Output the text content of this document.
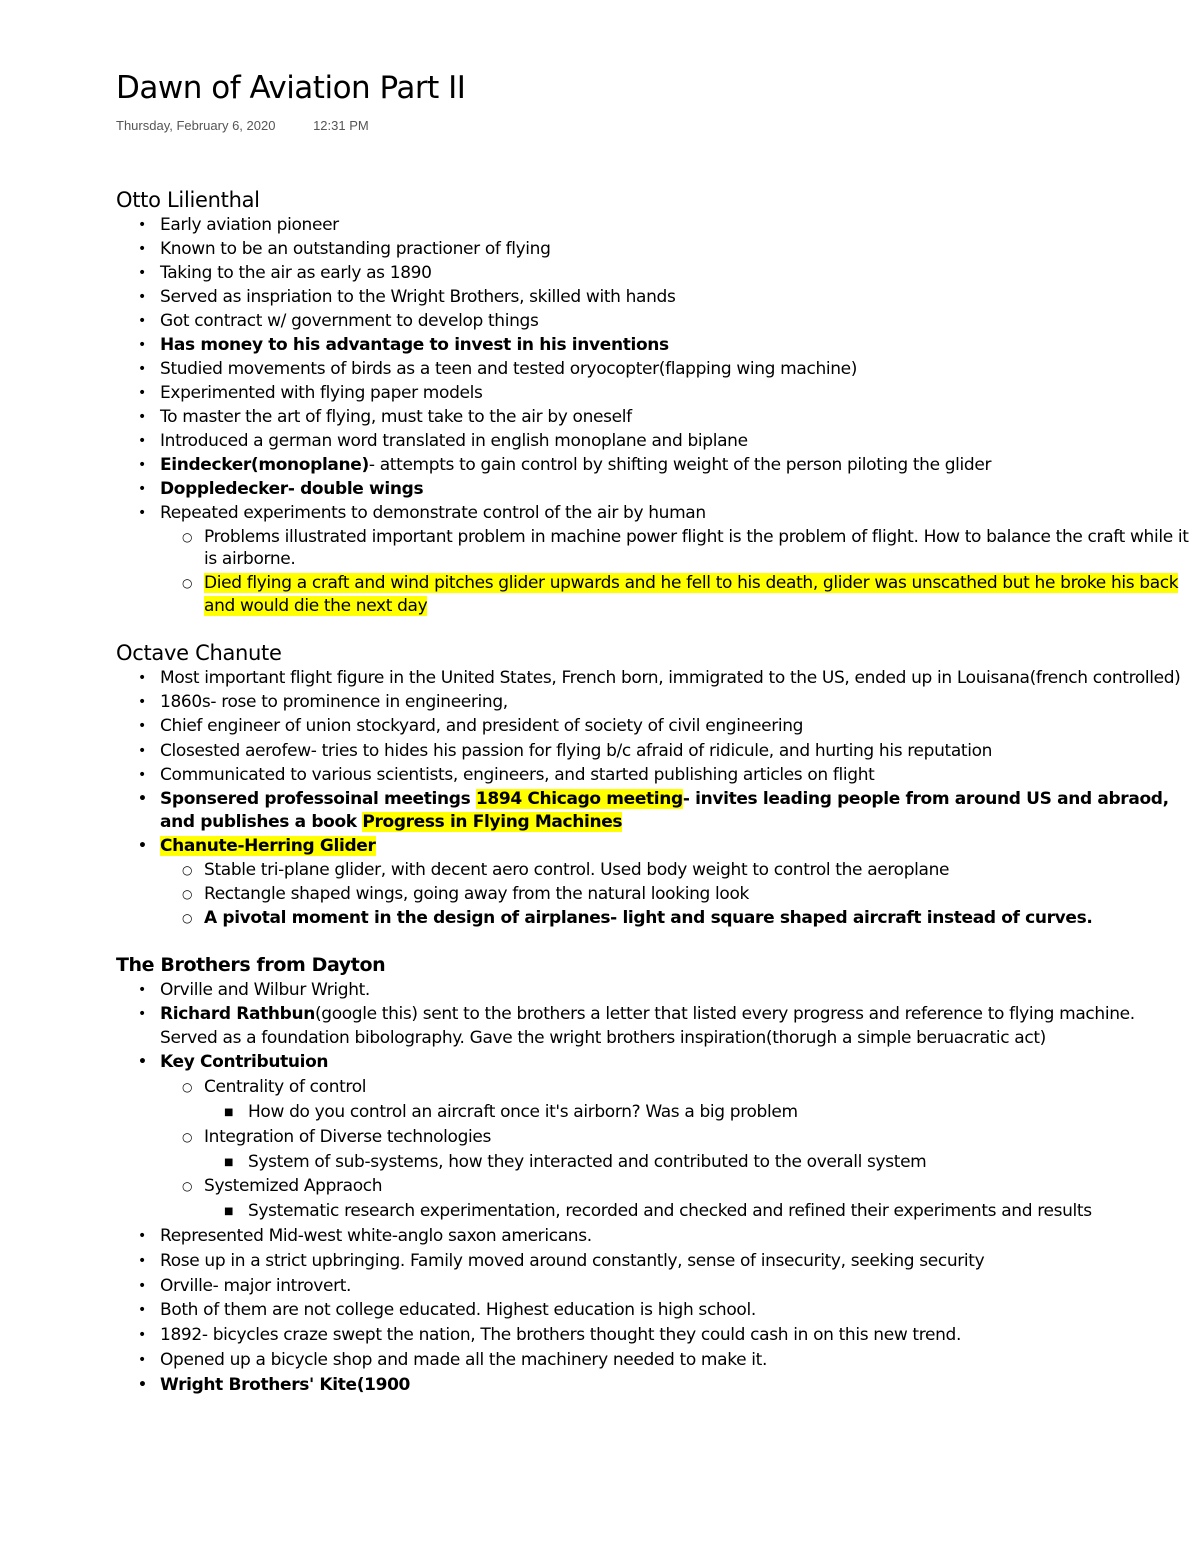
Dawn of Aviation Part II
Thursday, February 6, 2020	12:31 PM
Otto Lilienthal
• Early aviation pioneer
• Known to be an outstanding practioner of flying
• Taking to the air as early as 1890
• Served as inspriation to the Wright Brothers, skilled with hands
• Got contract w/ government to develop things
• Has money to his advantage to invest in his inventions
• Studied movements of birds as a teen and tested oryocopter(flapping wing machine)
• Experimented with flying paper models
• To master the art of flying, must take to the air by oneself
• Introduced a german word translated in english monoplane and biplane
• Eindecker(monoplane)- attempts to gain control by shifting weight of the person piloting the glider
• Doppledecker- double wings
• Repeated experiments to demonstrate control of the air by human
○ Problems illustrated important problem in machine power flight is the problem of flight. How to balance the craft while it is airborne.
○ Died flying a craft and wind pitches glider upwards and he fell to his death, glider was unscathed but he broke his back and would die the next day
Octave Chanute
• Most important flight figure in the United States, French born, immigrated to the US, ended up in Louisana(french controlled)
• 1860s- rose to prominence in engineering,
• Chief engineer of union stockyard, and president of society of civil engineering
• Closested aerofew- tries to hides his passion for flying b/c afraid of ridicule, and hurting his reputation
• Communicated to various scientists, engineers, and started publishing articles on flight
• Sponsered professoinal meetings 1894 Chicago meeting- invites leading people from around US and abraod, and publishes a book Progress in Flying Machines
• Chanute-Herring Glider
○ Stable tri-plane glider, with decent aero control. Used body weight to control the aeroplane
○ Rectangle shaped wings, going away from the natural looking look
○ A pivotal moment in the design of airplanes- light and square shaped aircraft instead of curves.
The Brothers from Dayton
• Orville and Wilbur Wright.
• Richard Rathbun(google this) sent to the brothers a letter that listed every progress and reference to flying machine. Served as a foundation bibolography. Gave the wright brothers inspiration(thorugh a simple beruacratic act)
• Key Contributuion
○ Centrality of control
■ How do you control an aircraft once it's airborn? Was a big problem
○ Integration of Diverse technologies
■ System of sub-systems, how they interacted and contributed to the overall system
○ Systemized Appraoch
■ Systematic research experimentation, recorded and checked and refined their experiments and results
• Represented Mid-west white-anglo saxon americans.
• Rose up in a strict upbringing. Family moved around constantly, sense of insecurity, seeking security
• Orville- major introvert.
• Both of them are not college educated. Highest education is high school.
• 1892- bicycles craze swept the nation, The brothers thought they could cash in on this new trend.
• Opened up a bicycle shop and made all the machinery needed to make it.
• Wright Brothers' Kite(1900
